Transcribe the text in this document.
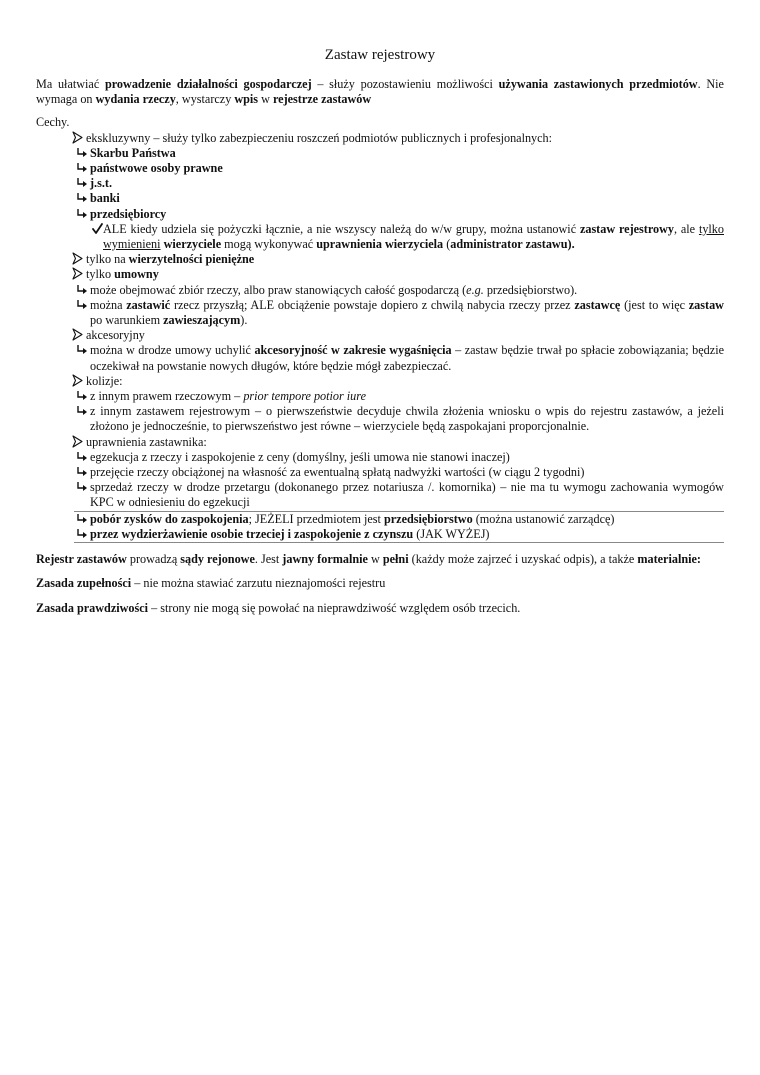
Zastaw rejestrowy

Ma ułatwiać prowadzenie działalności gospodarczej – służy pozostawieniu możliwości używania zastawionych przedmiotów. Nie wymaga on wydania rzeczy, wystarczy wpis w rejestrze zastawów

Cechy.

ekskluzywny – służy tylko zabezpieczeniu roszczeń podmiotów publicznych i profesjonalnych:
Skarbu Państwa
państwowe osoby prawne
j.s.t.
banki
przedsiębiorcy
ALE kiedy udziela się pożyczki łącznie, a nie wszyscy należą do w/w grupy, można ustanowić zastaw rejestrowy, ale tylko wymienieni wierzyciele mogą wykonywać uprawnienia wierzyciela (administrator zastawu).
tylko na wierzytelności pieniężne
tylko umowny
może obejmować zbiór rzeczy, albo praw stanowiących całość gospodarczą (e.g. przedsiębiorstwo).
można zastawić rzecz przyszłą; ALE obciążenie powstaje dopiero z chwilą nabycia rzeczy przez zastawcę (jest to więc zastaw po warunkiem zawieszającym).
akcesoryjny
można w drodze umowy uchylić akcesoryjność w zakresie wygaśnięcia – zastaw będzie trwał po spłacie zobowiązania; będzie oczekiwał na powstanie nowych długów, które będzie mógł zabezpieczać.
kolizje:
z innym prawem rzeczowym – prior tempore potior iure
z innym zastawem rejestrowym – o pierwszeństwie decyduje chwila złożenia wniosku o wpis do rejestru zastawów, a jeżeli złożono je jednocześnie, to pierwszeństwo jest równe – wierzyciele będą zaspokajani proporcjonalnie.
uprawnienia zastawnika:
egzekucja z rzeczy i zaspokojenie z ceny (domyślny, jeśli umowa nie stanowi inaczej)
przejęcie rzeczy obciążonej na własność za ewentualną spłatą nadwyżki wartości (w ciągu 2 tygodni)
sprzedaż rzeczy w drodze przetargu (dokonanego przez notariusza /. komornika) – nie ma tu wymogu zachowania wymogów KPC w odniesieniu do egzekucji
pobór zysków do zaspokojenia; JEŻELI przedmiotem jest przedsiębiorstwo (można ustanowić zarządcę)
przez wydzierżawienie osobie trzeciej i zaspokojenie z czynszu (JAK WYŻEJ)

Rejestr zastawów prowadzą sądy rejonowe. Jest jawny formalnie w pełni (każdy może zajrzeć i uzyskać odpis), a także materialnie:

Zasada zupełności – nie można stawiać zarzutu nieznajomości rejestru

Zasada prawdziwości – strony nie mogą się powołać na nieprawdziwość względem osób trzecich.
